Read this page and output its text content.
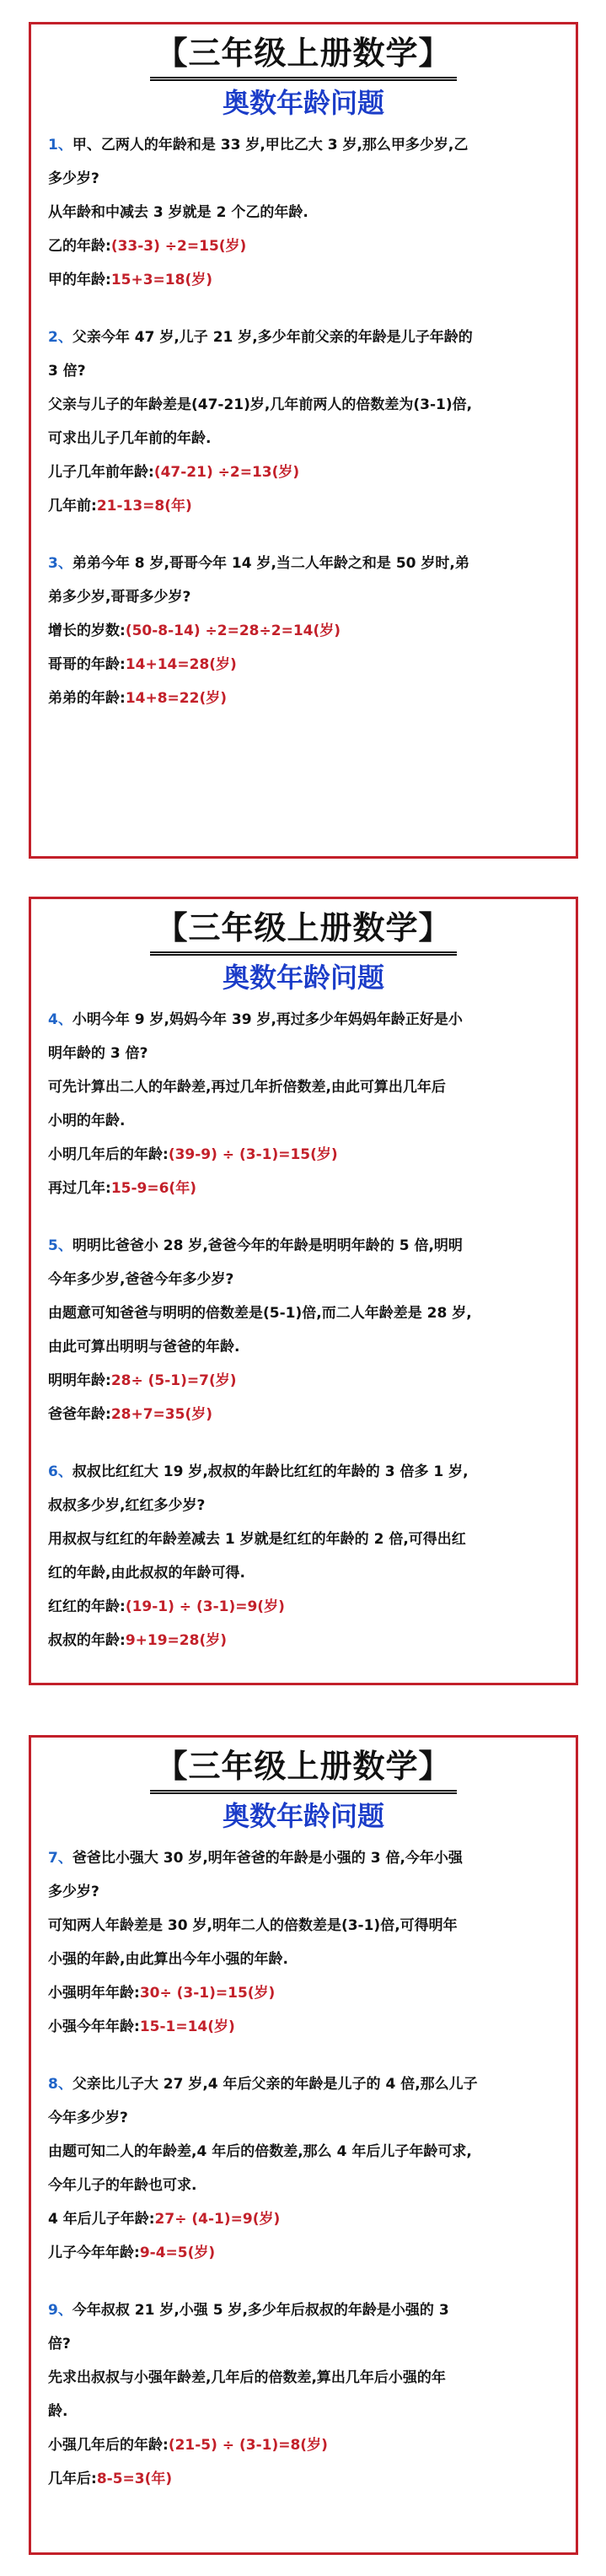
【三年级上册数学】
奥数年龄问题
1、甲、乙两人的年龄和是 33 岁,甲比乙大 3 岁,那么甲多少岁,乙
多少岁?
从年龄和中减去 3 岁就是 2 个乙的年龄.
乙的年龄:(33-3) ÷2=15(岁)
甲的年龄:15+3=18(岁)
2、父亲今年 47 岁,儿子 21 岁,多少年前父亲的年龄是儿子年龄的
3 倍?
父亲与儿子的年龄差是(47-21)岁,几年前两人的倍数差为(3-1)倍,
可求出儿子几年前的年龄.
儿子几年前年龄:(47-21) ÷2=13(岁)
几年前:21-13=8(年)
3、弟弟今年 8 岁,哥哥今年 14 岁,当二人年龄之和是 50 岁时,弟
弟多少岁,哥哥多少岁?
增长的岁数:(50-8-14) ÷2=28÷2=14(岁)
哥哥的年龄:14+14=28(岁)
弟弟的年龄:14+8=22(岁)
【三年级上册数学】
奥数年龄问题
4、小明今年 9 岁,妈妈今年 39 岁,再过多少年妈妈年龄正好是小
明年龄的 3 倍?
可先计算出二人的年龄差,再过几年折倍数差,由此可算出几年后
小明的年龄.
小明几年后的年龄:(39-9) ÷ (3-1)=15(岁)
再过几年:15-9=6(年)
5、明明比爸爸小 28 岁,爸爸今年的年龄是明明年龄的 5 倍,明明
今年多少岁,爸爸今年多少岁?
由题意可知爸爸与明明的倍数差是(5-1)倍,而二人年龄差是 28 岁,
由此可算出明明与爸爸的年龄.
明明年龄:28÷ (5-1)=7(岁)
爸爸年龄:28+7=35(岁)
6、叔叔比红红大 19 岁,叔叔的年龄比红红的年龄的 3 倍多 1 岁,
叔叔多少岁,红红多少岁?
用叔叔与红红的年龄差减去 1 岁就是红红的年龄的 2 倍,可得出红
红的年龄,由此叔叔的年龄可得.
红红的年龄:(19-1) ÷ (3-1)=9(岁)
叔叔的年龄:9+19=28(岁)
【三年级上册数学】
奥数年龄问题
7、爸爸比小强大 30 岁,明年爸爸的年龄是小强的 3 倍,今年小强
多少岁?
可知两人年龄差是 30 岁,明年二人的倍数差是(3-1)倍,可得明年
小强的年龄,由此算出今年小强的年龄.
小强明年年龄:30÷ (3-1)=15(岁)
小强今年年龄:15-1=14(岁)
8、父亲比儿子大 27 岁,4 年后父亲的年龄是儿子的 4 倍,那么儿子
今年多少岁?
由题可知二人的年龄差,4 年后的倍数差,那么 4 年后儿子年龄可求,
今年儿子的年龄也可求.
4 年后儿子年龄:27÷ (4-1)=9(岁)
儿子今年年龄:9-4=5(岁)
9、今年叔叔 21 岁,小强 5 岁,多少年后叔叔的年龄是小强的 3
倍?
先求出叔叔与小强年龄差,几年后的倍数差,算出几年后小强的年
龄.
小强几年后的年龄:(21-5) ÷ (3-1)=8(岁)
几年后:8-5=3(年)
